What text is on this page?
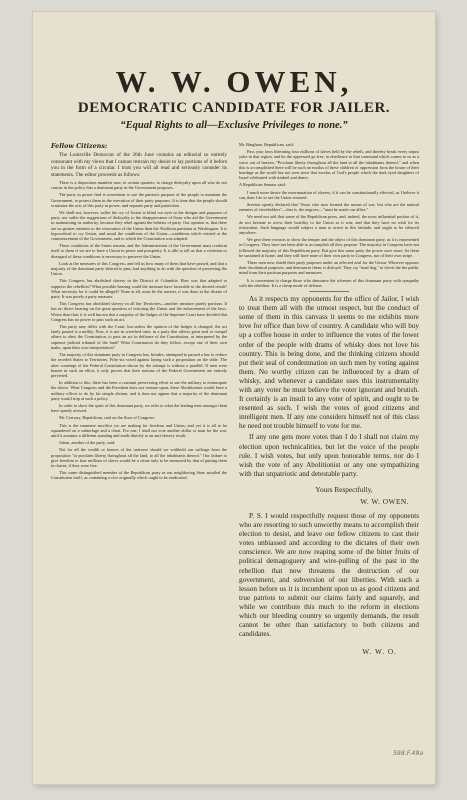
W. W. OWEN,
DEMOCRATIC CANDIDATE FOR JAILER.
“Equal Rights to all—Exclusive Privileges to none.”
Fellow Citizens:

The Louisville Democrat of the 26th June contains an editorial so entirely consonant with my views that I cannot restrain my desire to lay portions of it before you in the form of a circular. I trust you will all read and seriously consider its statements. The editor proceeds as follows:

There is a disposition manifest now, in certain quarters, to charge disloyalty upon all who do not concur in the policy that a dominant party in the Government proposes.

The party in power find it convenient to use the patriotic purpose of the people to maintain the Government, to protect them in the execution of their party purposes. It is time that the people should scrutinize the acts of this party in power, and separate party and patriotism.

We shall not, however, suffer the cry of Union to blind our eyes to the designs and purposes of party, nor suffer the suggestions of disloyalty to the disapprovance of those who aid the Government in maintaining its authority, because they rebel against the behests of party. Our opinion is, that there are no greater enemies to the restoration of the Union than the Abolition partisans at Washington. It is hypocritical to cry Union, and assail the conditions of the Union—conditions which existed at the commencement of the Government, and to which the Constitution was adapted.

These conditions of the States remain, and the Administration of the Government must conform itself to them if we are to have a Union in peace and prosperity. It is idle to tell us that a violation or disregard of these conditions is necessary to preserve the Union.

Look at the measures of this Congress, and tell us how many of them that have passed, and that a majority of the dominant party desired to pass, had anything to do with the question of preserving the Union.

This Congress has abolished slavery in the District of Columbia. How was that adapted to suppress the rebellion? What possible bearing could the measure have favorable to the desired result? What necessity for it could be alleged? None at all, must be the answer, it was done at the dictate of party. It was purely a party measure.

This Congress has abolished slavery in all the Territories—another measure purely partisan. It has no direct bearing on the great question of restoring the Union and the enforcement of the laws. Worse than that; it is well known that a majority of the Judges of the Supreme Court have decided that Congress has no power to pass such an act.

This party may differ with the Court, but unless the opinion of the Judges is changed, the act lately passed is a nullity. Now, it is not in wretched taste, in a party that affects great zeal to compel others to obey the Constitution, to pass an act in defiance of the Constitution, as interpreted by the supreme judicial tribunal of the land? What Constitution do they follow, except one of their own make, upon their own interpretation?

The majority of this dominant party in Congress has, besides, attempted to passed a law to reduce the seceded States to Territories. Fifty-six voted against laying such a proposition on the table. The utter contempt of the Federal Constitution shown by the attempt is without a parallel. If men were honest in such an effort, it only proves that their notions of the Federal Government are entirely perverted.

In addition to this, there has been a constant persevering effort to use the military to emancipate the slaves. What Congress and the President does not venture upon, these Abolitionists would have a military officer to do by his simple dictum, and it does not appear that a majority of the dominant party would stop at such a policy.

In order to show the spirit of this dominant party, we refer to what the leading men amongst them have openly avowed.

Mr. Conway, Republican, said on the floor of Congress:

This is the immense sacrifice we are making for freedom and Union; and yet it is all to be squandered on a subterfuge and a cheat. For one, I shall not vote another dollar or man for the war, until it assumes a different standing and tends directly to an anti-slavery result.

Julian, another of the party, said:

Not for all the wealth or honors of the universe should we withhold our suffrage from the proposition "to proclaim liberty throughout all the land, to all the inhabitants thereof." Our failure to give freedom to four millions of slaves would be a crime only to be measured by that of putting them in chains, if they were free.

This same distinguished member of the Republican party in our neighboring State assailed the Constitution itself, as containing a vice originally which ought to be eradicated.

Mr. Bingham, Republican, said:

Pass your laws liberating four millions of slaves held by the rebels, and thereby break every unjust yoke in that region, and let the oppressed go free, in obedience to that command which comes to us as a voice out of heaven, "Proclaim liberty throughout all the land to all the inhabitants thereof;" and when this is accomplished there will be such an exodus of these children of oppression from the house of their bondage as the world has not seen since that exodus of God's people which the dark eyed daughters of Israel celebrated with timbrel and dance.

A Republican Senator said:

I much more desire the extermination of slavery, if it can be constitutionally effected, as I believe it can, than I do to see the Union restored.

Stevens openly declared that "those who now formed the means of war, but who are the natural enemies of slaveholders"—that is, the negroes—"must be made our allies."

We need not add that some of the Republican press, and, indeed, the most influential portion of it, do not hesitate to avow their hostility to the Union as it was; and that they have no wish for its restoration. Such language would subject a man to arrest in this latitude, and ought to be silenced anywhere.

We give these extracts to show the temper and the object of this dominant party, as it is represented in Congress. They have not been able to accomplish all they propose. The majority in Congress have not followed the majority of this Republican party. But give this same party the power once more; let them be sustained at home, and they will have none of their own party in Congress, nor of their own stripe.

These men now shield their party purposes under an affected zeal for the Union. Whoever opposes their Jacobinical purposes, and denounces them, is disloyal. They cry "mad dog," to divert the the public mind from their partisan purposes and measures.

It is convenient to charge those who denounce the schemes of this dominant party with sympathy with the rebellion. It is a cheap mode of defense.

As it respects my opponents for the office of Jailor, I wish to treat them all with the utmost respect, but the conduct of some of them in this canvass it seems to me exhibits more love for office than love of country. A candidate who will buy up a coffee house in order to influence the votes of the lower order of the people with drams of whisky does not love his country. This is being done, and the thinking citizens should put their seal of condemnation on such men by voting against them. No worthy citizen can be influenced by a dram of whisky, and whenever a candidate uses this instrumentality with any voter he must believe the voter ignorant and brutish. It certainly is an insult to any voter of spirit, and ought to be resented as such. I wish the votes of good citizens and intelligent men. If any one considers himself not of this class he need not trouble himself to vote for me.

If any one gets more votes than I do I shall not claim my election upon technicalities, but let the voice of the people rule. I wish votes, but only upon honorable terms, nor do I wish the vote of any Abolitionist or any one sympathizing with that unpatriotic and detestable party.

Yours Respectfully,
W. W. OWEN.

P. S. I would respectfully request those of my opponents who are resorting to such unworthy means to accomplish their election to desist, and leave our fellow citizens to cast their votes unbiassed and according to the dictates of their own conscience. We are now reaping some of the bitter fruits of political demagoguery and wire-pulling of the past in the rebellion that now threatens the destruction of our government, and subversion of our liberties. With such a lesson before us it is incumbent upon us as good citizens and true patriots to submit our claims fairly and squarely, and while we contribute this much to the reform in elections which our bleeding country so urgently demands, the result cannot be other than satisfactory to both citizens and candidates.

W. W. O.
598.F.49a
